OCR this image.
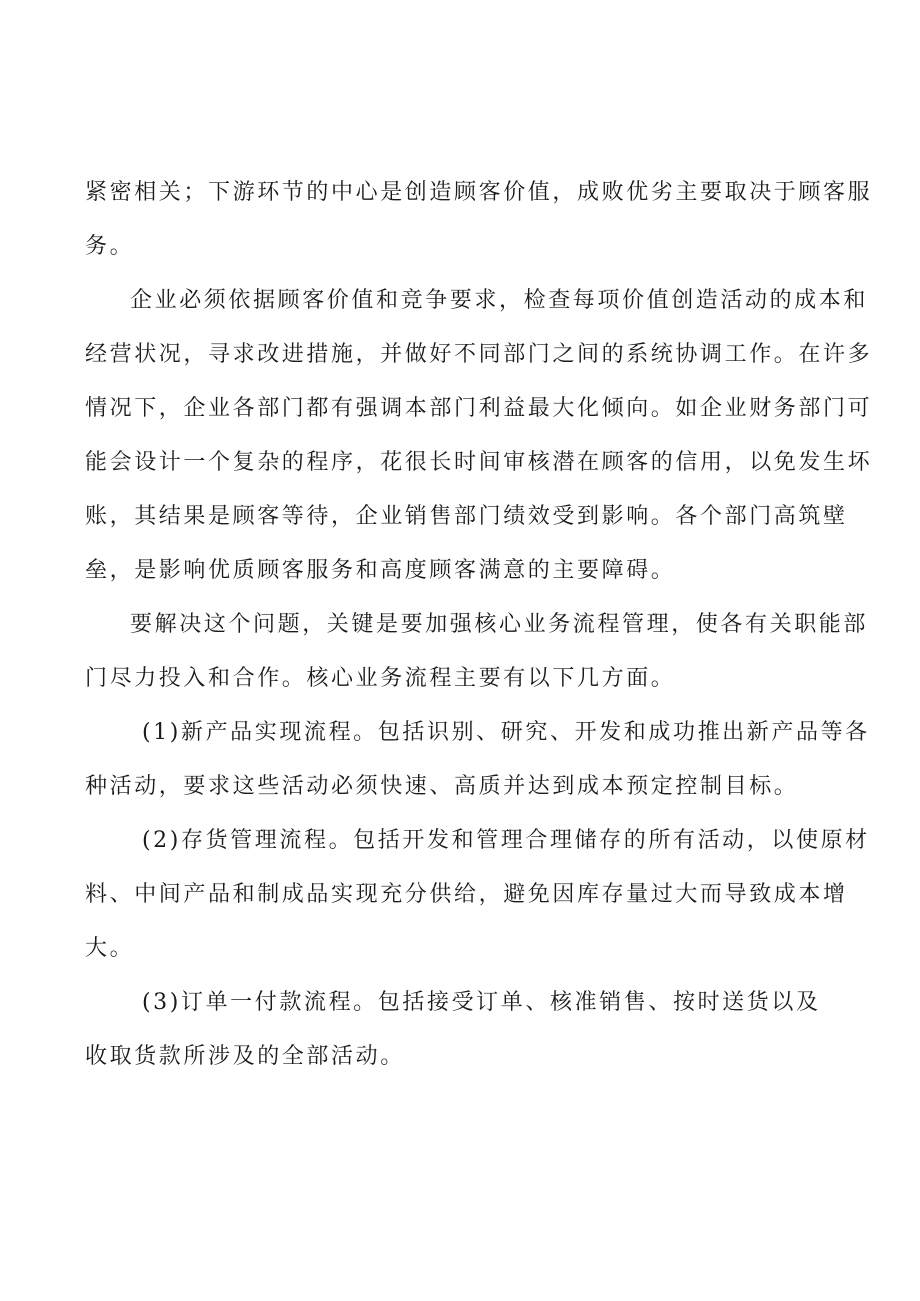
紧密相关；下游环节的中心是创造顾客价值，成败优劣主要取决于顾客服

务。

企业必须依据顾客价值和竞争要求，检查每项价值创造活动的成本和

经营状况，寻求改进措施，并做好不同部门之间的系统协调工作。在许多

情况下，企业各部门都有强调本部门利益最大化倾向。如企业财务部门可

能会设计一个复杂的程序，花很长时间审核潜在顾客的信用，以免发生坏

账，其结果是顾客等待，企业销售部门绩效受到影响。各个部门高筑壁

垒，是影响优质顾客服务和高度顾客满意的主要障碍。

要解决这个问题，关键是要加强核心业务流程管理，使各有关职能部

门尽力投入和合作。核心业务流程主要有以下几方面。

(1)新产品实现流程。包括识别、研究、开发和成功推出新产品等各

种活动，要求这些活动必须快速、高质并达到成本预定控制目标。

(2)存货管理流程。包括开发和管理合理储存的所有活动，以使原材

料、中间产品和制成品实现充分供给，避免因库存量过大而导致成本增

大。

(3)订单一付款流程。包括接受订单、核准销售、按时送货以及

收取货款所涉及的全部活动。
